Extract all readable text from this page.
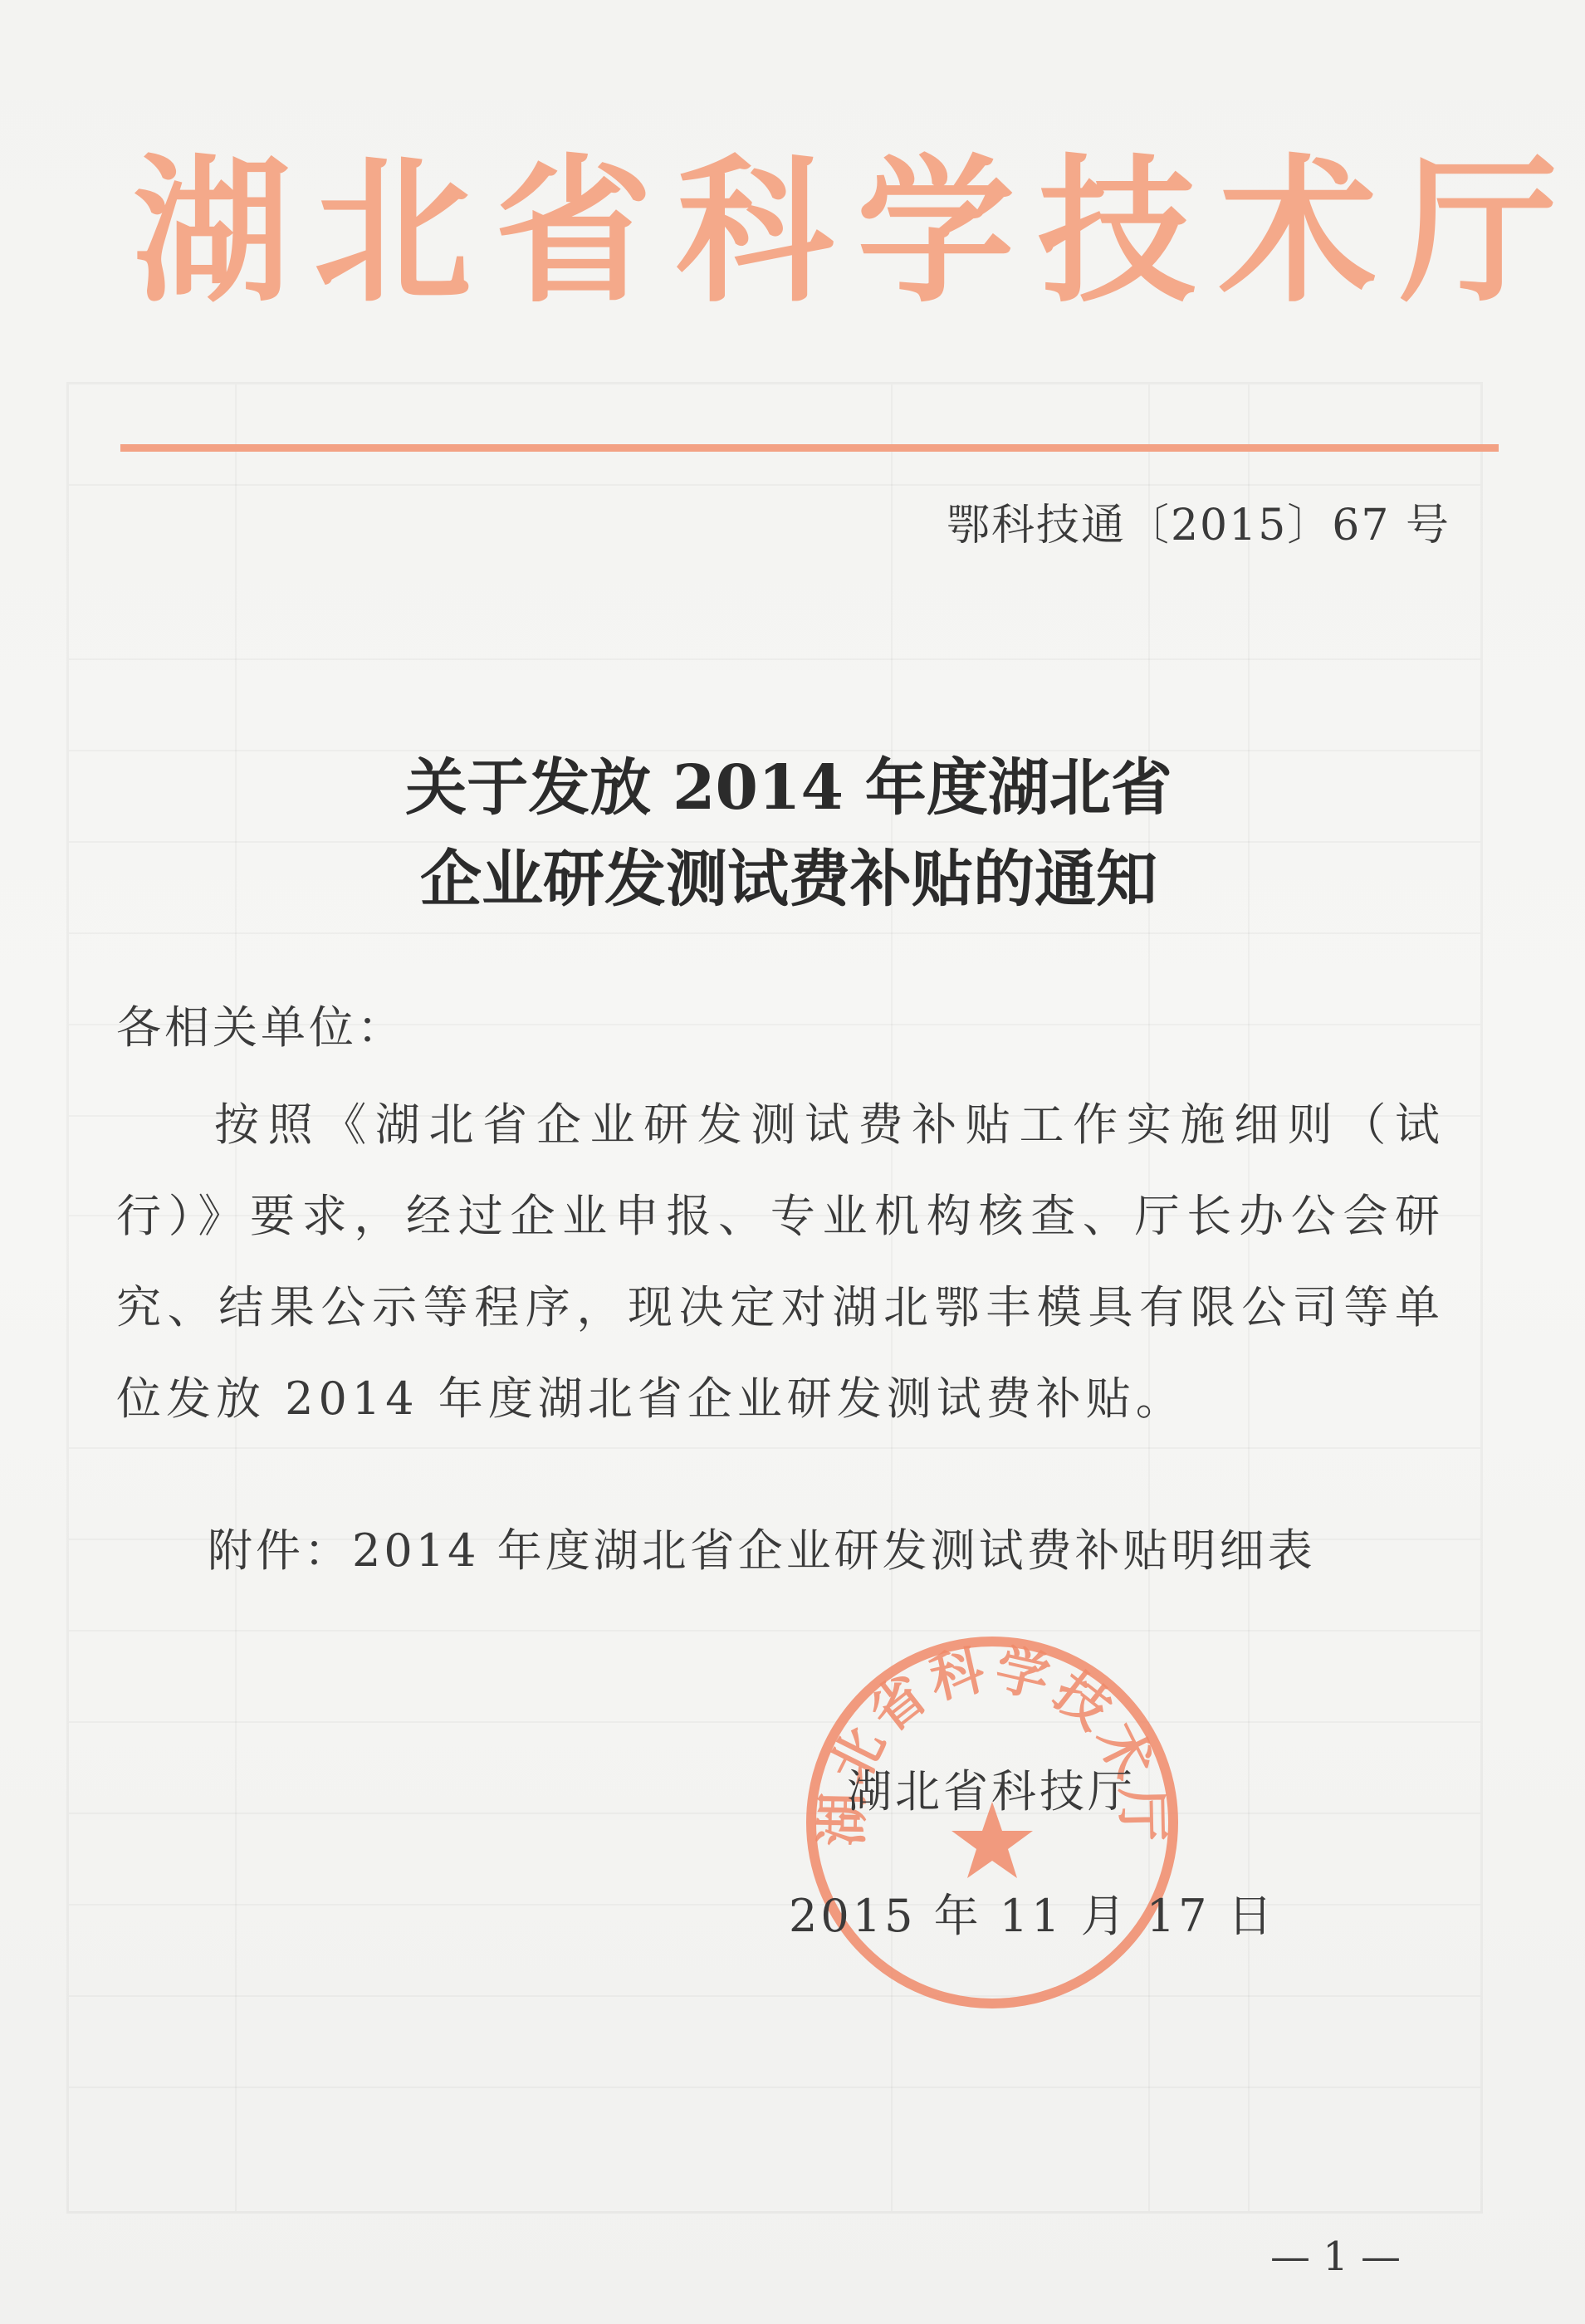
湖北省科学技术厅
鄂科技通〔2015〕67 号
关于发放 2014 年度湖北省
企业研发测试费补贴的通知
各相关单位：
按照《湖北省企业研发测试费补贴工作实施细则（试行）》要求，经过企业申报、专业机构核查、厅长办公会研究、结果公示等程序，现决定对湖北鄂丰模具有限公司等单位发放 2014 年度湖北省企业研发测试费补贴。
附件：2014 年度湖北省企业研发测试费补贴明细表
湖北省科学技术厅
湖北省科技厅
2015 年 11 月 17 日
— 1 —
